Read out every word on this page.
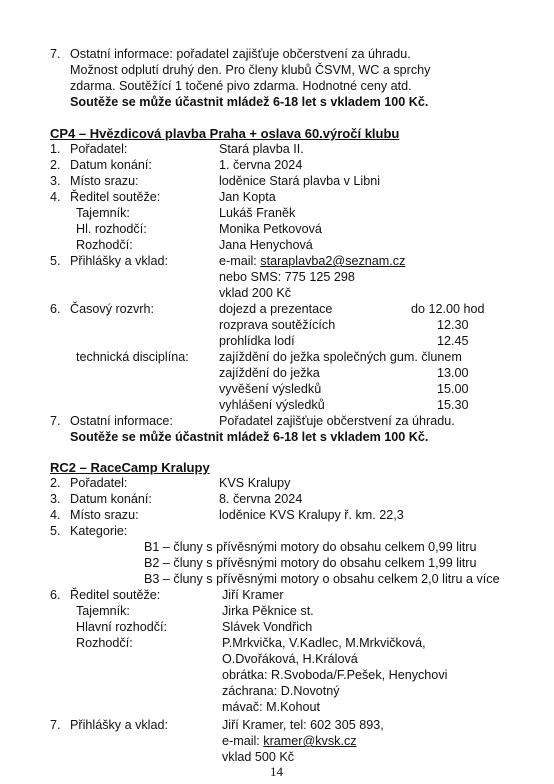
7. Ostatní informace: pořadatel zajišťuje občerstvení za úhradu.
Možnost odplutí druhý den. Pro členy klubů ČSVM, WC a sprchy
zdarma. Soutěžící 1 točené pivo zdarma. Hodnotné ceny atd.
Soutěže se může účastnit mládež 6-18 let s vkladem 100 Kč.
CP4 – Hvězdicová plavba Praha + oslava 60.výročí klubu
1. Pořadatel:	Stará plavba II.
2. Datum konání:	1. června 2024
3. Místo srazu:	loděnice Stará plavba v Libni
4. Ředitel soutěže:	Jan Kopta
Tajemník:	Lukáš Franěk
Hl. rozhodčí:	Monika Petkovová
Rozhodčí:	Jana Henychová
5. Přihlášky a vklad:	e-mail: staraplavba2@seznam.cz
nebo SMS: 775 125 298
vklad 200 Kč
6. Časový rozvrh:	dojezd a prezentace	do 12.00 hod
rozprava soutěžících	12.30
prohlídka lodí	12.45
technická disciplína: zajíždění do ježka společných gum. člunem
zajíždění do ježka	13.00
vyvěšení výsledků	15.00
vyhlášení výsledků	15.30
7. Ostatní informace:	Pořadatel zajišťuje občerstvení za úhradu.
Soutěže se může účastnit mládež 6-18 let s vkladem 100 Kč.
RC2 – RaceCamp Kralupy
2. Pořadatel:	KVS Kralupy
3. Datum konání:	8. června 2024
4. Místo srazu:	loděnice KVS Kralupy ř. km. 22,3
5. Kategorie:
B1 – čluny s přívěsnými motory do obsahu celkem 0,99 litru
B2 – čluny s přívěsnými motory do obsahu celkem 1,99 litru
B3 – čluny s přívěsnými motory o obsahu celkem 2,0 litru a více
6. Ředitel soutěže:	Jiří Kramer
Tajemník:	Jirka Pěknice st.
Hlavní rozhodčí:	Slávek Vondřich
Rozhodčí:	P.Mrkvička, V.Kadlec, M.Mrkvičková,
O.Dvořáková, H.Králová
obrátka: R.Svoboda/F.Pešek, Henychovi
záchrana: D.Novotný
mávač: M.Kohout
7. Přihlášky a vklad:	Jiří Kramer, tel: 602 305 893,
e-mail: kramer@kvsk.cz
vklad 500 Kč
14
